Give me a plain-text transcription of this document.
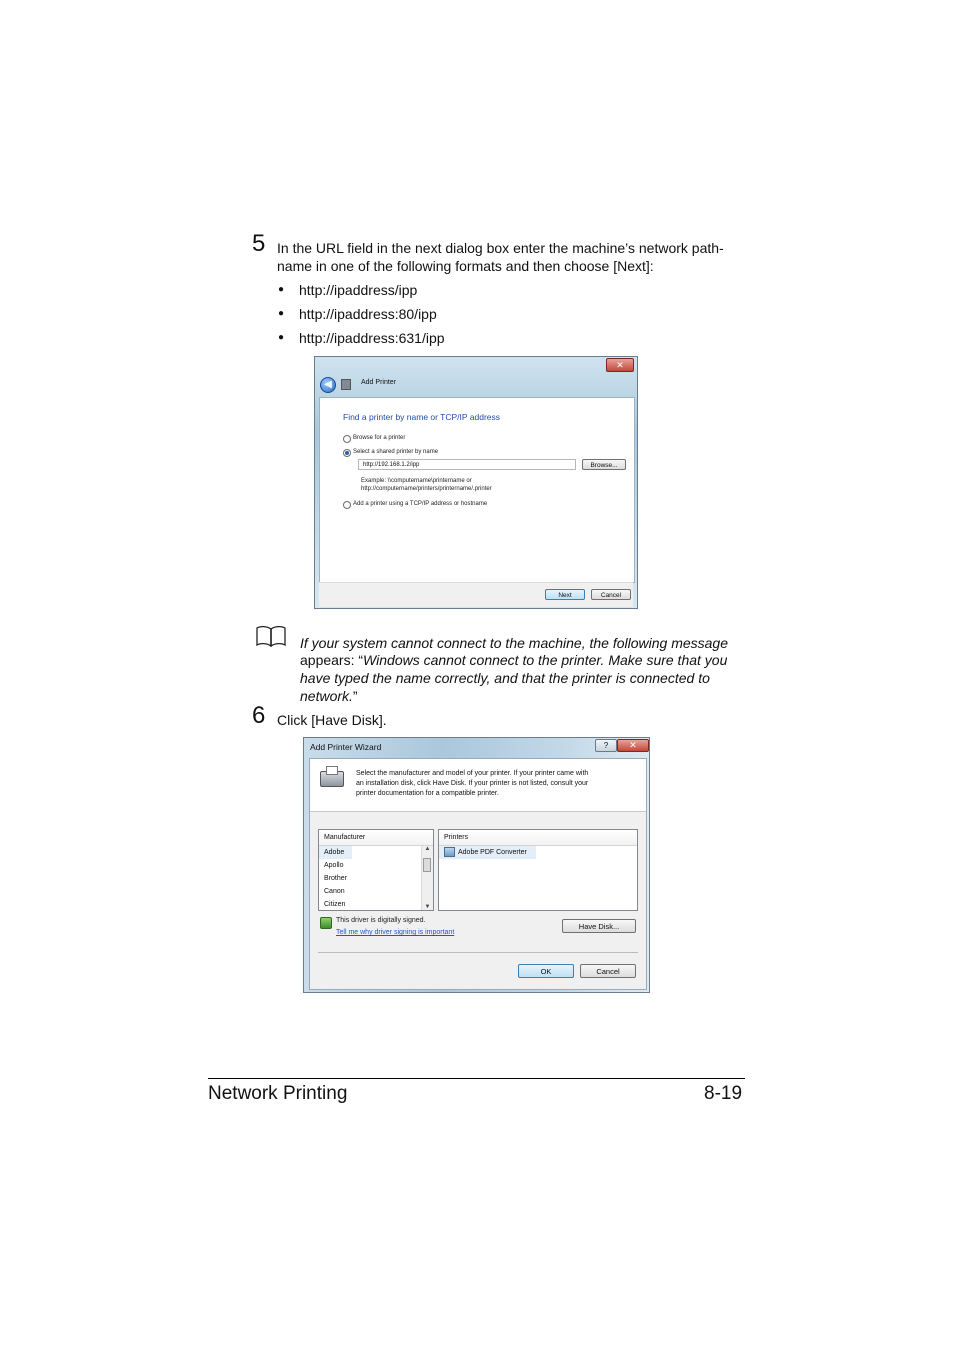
5 In the URL field in the next dialog box enter the machine’s network path-
name in one of the following formats and then choose [Next]:
● http://ipaddress/ipp
● http://ipaddress:80/ipp
● http://ipaddress:631/ipp
✕
◀	Add Printer
Find a printer by name or TCP/IP address
Browse for a printer
Select a shared printer by name
http://192.168.1.2/ipp	Browse...
Example: \\computername\printername or
http://computername/printers/printername/.printer
Add a printer using a TCP/IP address or hostname
Next	Cancel
If your system cannot connect to the machine, the following message
appears: “Windows cannot connect to the printer. Make sure that you
have typed the name correctly, and that the printer is connected to
network.”
6 Click [Have Disk].
Add Printer Wizard	?	✕
Select the manufacturer and model of your printer. If your printer came with
an installation disk, click Have Disk. If your printer is not listed, consult your
printer documentation for a compatible printer.
Manufacturer
Adobe
Apollo
Brother
Canon
Citizen
▲
▼
Printers
Adobe PDF Converter
This driver is digitally signed.
Tell me why driver signing is important
Have Disk...
OK	Cancel
Network Printing	8-19
